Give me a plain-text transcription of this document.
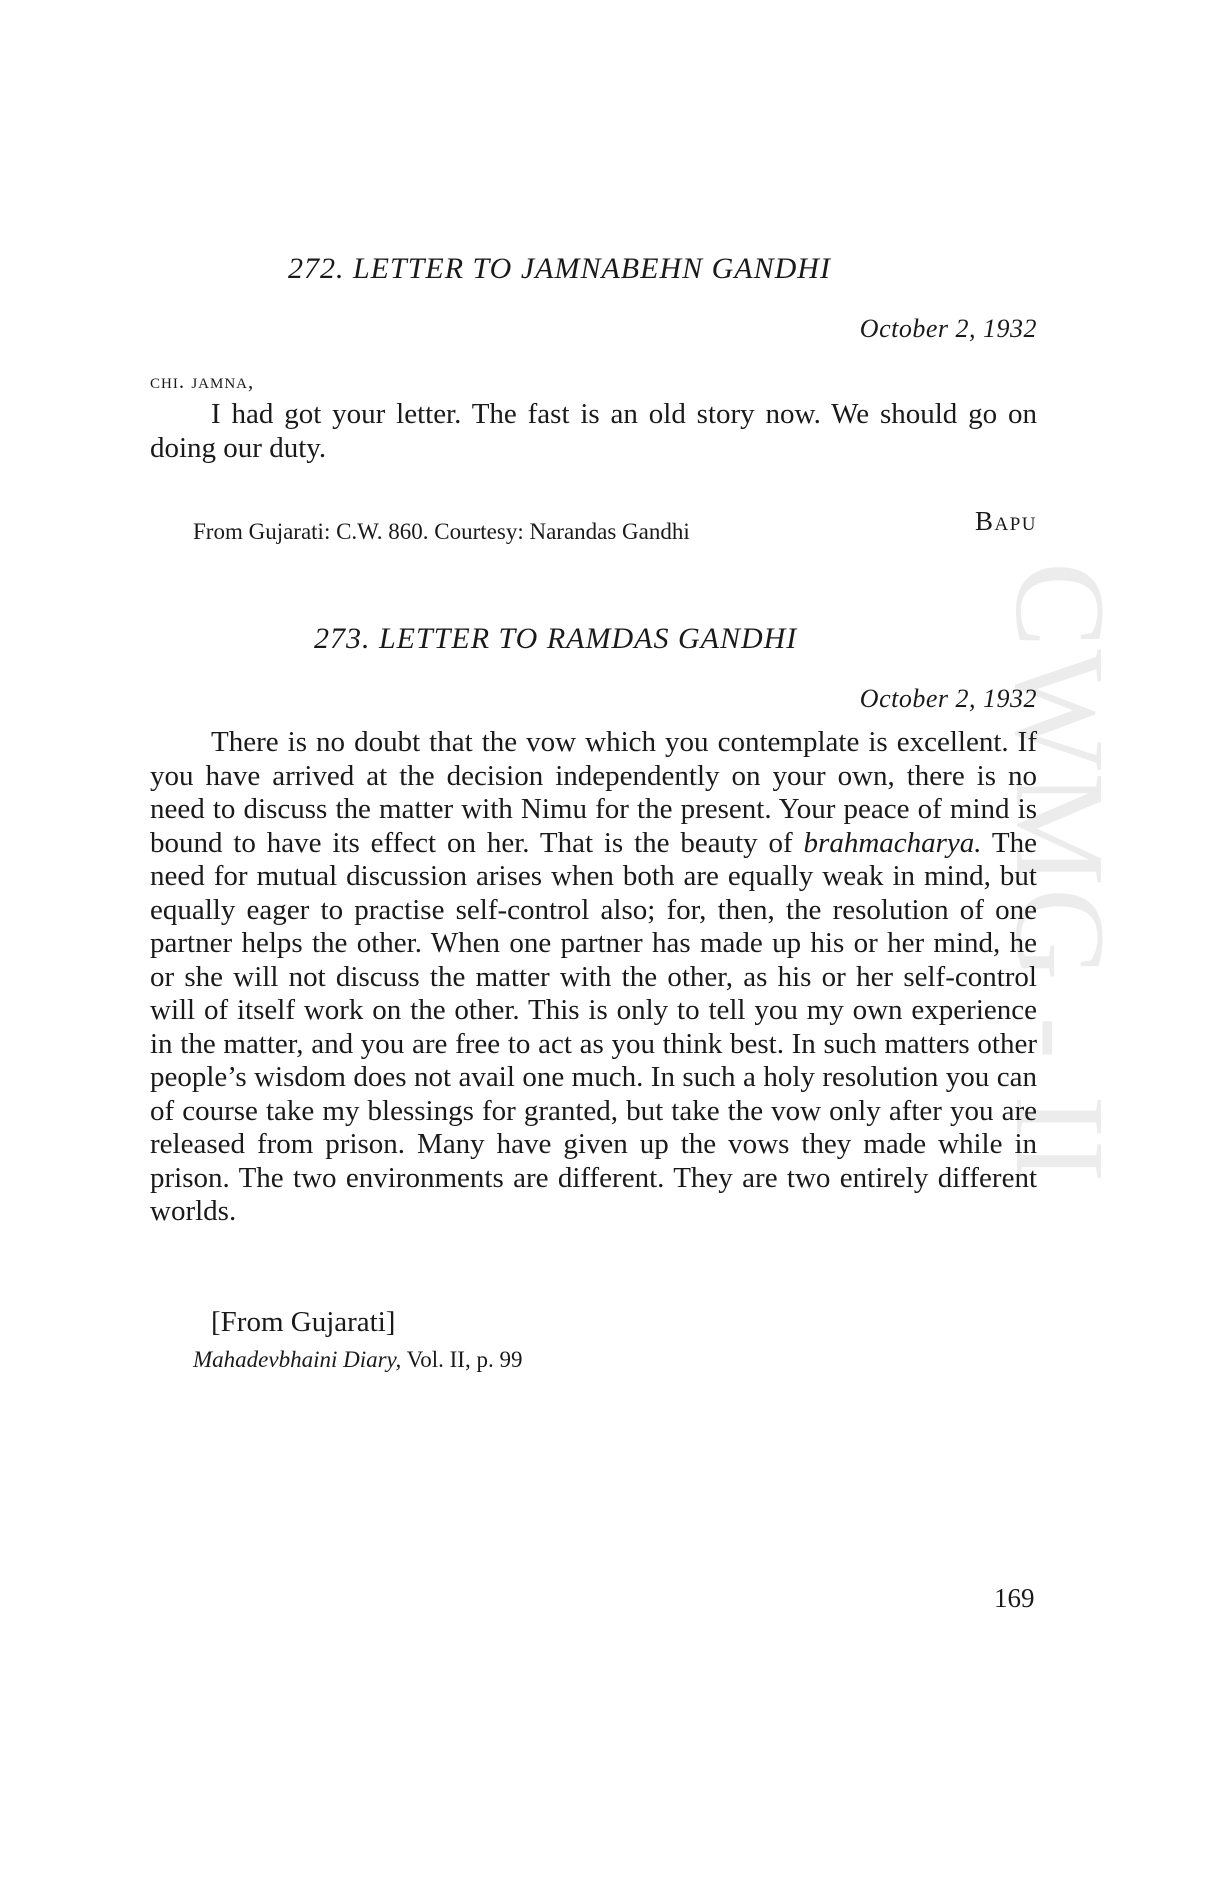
CWMG II
272. LETTER TO JAMNABEHN GANDHI
October 2, 1932
chi. jamna,

I had got your letter. The fast is an old story now. We should go on doing our duty.

Bapu
From Gujarati: C.W. 860. Courtesy: Narandas Gandhi
273. LETTER TO RAMDAS GANDHI
October 2, 1932

There is no doubt that the vow which you contemplate is excellent. If you have arrived at the decision independently on your own, there is no need to discuss the matter with Nimu for the present. Your peace of mind is bound to have its effect on her. That is the beauty of brahmacharya. The need for mutual discussion arises when both are equally weak in mind, but equally eager to practise self-control also; for, then, the resolution of one partner helps the other. When one partner has made up his or her mind, he or she will not discuss the matter with the other, as his or her self-control will of itself work on the other. This is only to tell you my own experience in the matter, and you are free to act as you think best. In such matters other people’s wisdom does not avail one much. In such a holy resolution you can of course take my blessings for granted, but take the vow only after you are released from prison. Many have given up the vows they made while in prison. The two environments are different. They are two entirely different worlds.

[From Gujarati]
Mahadevbhaini Diary, Vol. II, p. 99
169
